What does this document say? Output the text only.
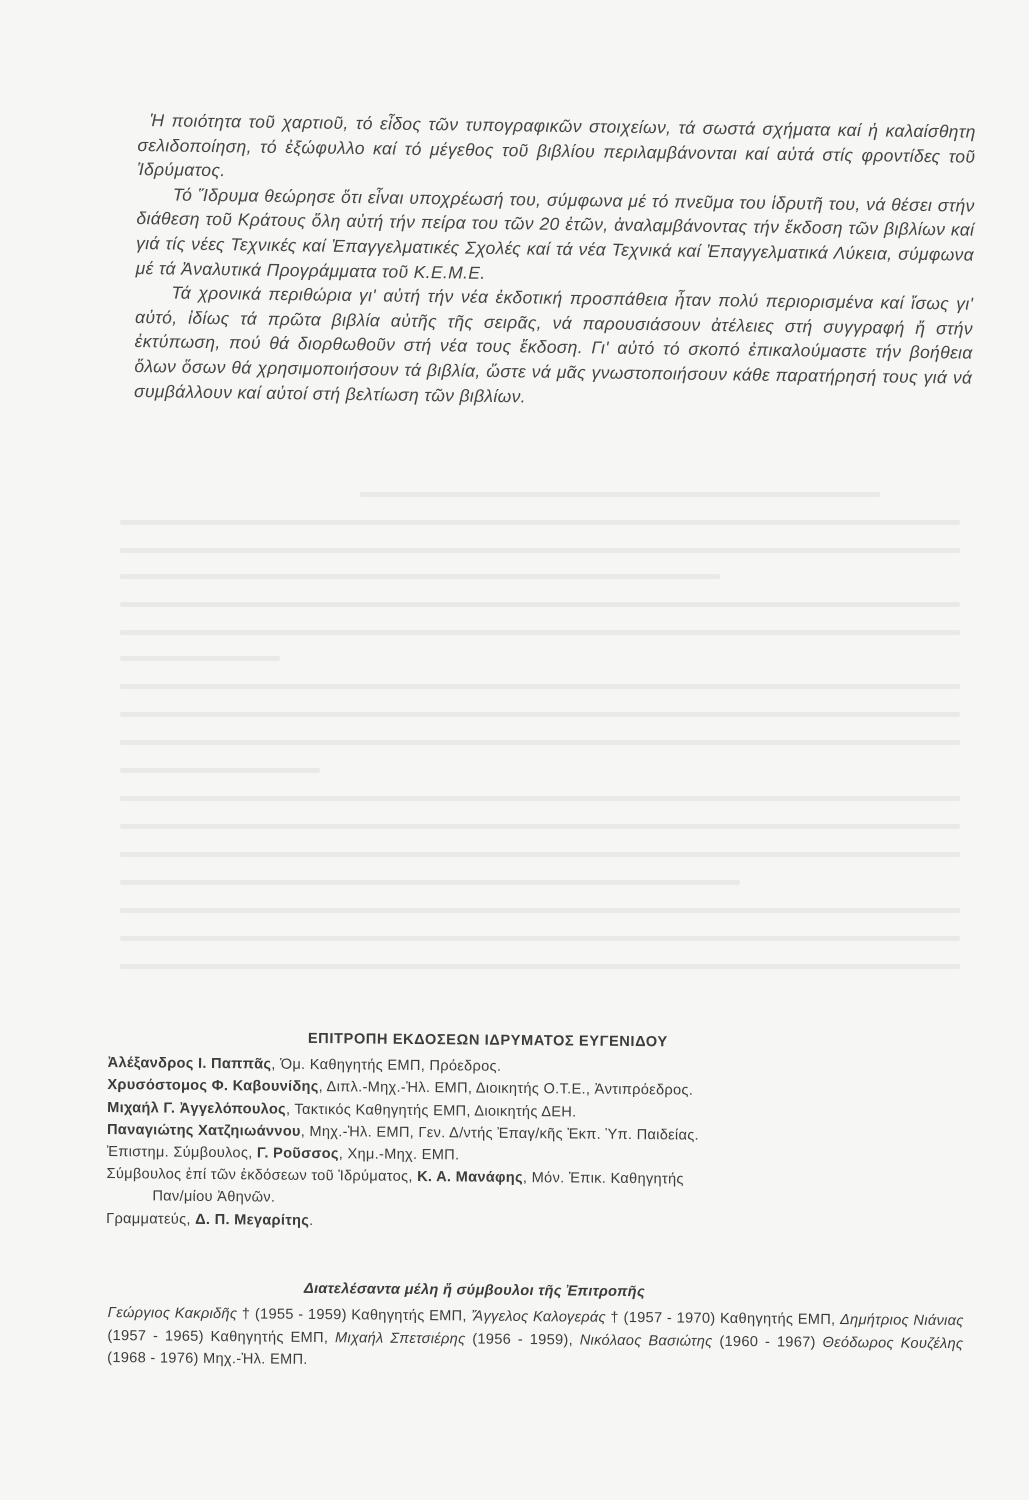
Ἡ ποιότητα τοῦ χαρτιοῦ, τό εἶδος τῶν τυπογραφικῶν στοιχείων, τά σωστά σχήματα καί ἡ καλαίσθητη σελιδοποίηση, τό ἐξώφυλλο καί τό μέγεθος τοῦ βιβλίου περιλαμβάνονται καί αὐτά στίς φροντίδες τοῦ Ἱδρύματος.

Τό Ἵδρυμα θεώρησε ὅτι εἶναι υποχρέωσή του, σύμφωνα μέ τό πνεῦμα του ἱδρυτῆ του, νά θέσει στήν διάθεση τοῦ Κράτους ὅλη αὐτή τήν πείρα του τῶν 20 ἐτῶν, ἀναλαμβάνοντας τήν ἔκδοση τῶν βιβλίων καί γιά τίς νέες Τεχνικές καί Ἐπαγγελματικές Σχολές καί τά νέα Τεχνικά καί Ἐπαγγελματικά Λύκεια, σύμφωνα μέ τά Ἀναλυτικά Προγράμματα τοῦ Κ.Ε.Μ.Ε.

Τά χρονικά περιθώρια γι' αὐτή τήν νέα ἐκδοτική προσπάθεια ἦταν πολύ περιορισμένα καί ἴσως γι' αὐτό, ἰδίως τά πρῶτα βιβλία αὐτῆς τῆς σειρᾶς, νά παρουσιάσουν ἀτέλειες στή συγγραφή ἤ στήν ἐκτύπωση, πού θά διορθωθοῦν στή νέα τους ἔκδοση. Γι' αὐτό τό σκοπό ἐπικαλούμαστε τήν βοήθεια ὅλων ὅσων θά χρησιμοποιήσουν τά βιβλία, ὥστε νά μᾶς γνωστοποιήσουν κάθε παρατήρησή τους γιά νά συμβάλλουν καί αὐτοί στή βελτίωση τῶν βιβλίων.

ΕΠΙΤΡΟΠΗ ΕΚΔΟΣΕΩΝ ΙΔΡΥΜΑΤΟΣ ΕΥΓΕΝΙΔΟΥ

Ἀλέξανδρος Ι. Παππᾶς, Ὁμ. Καθηγητής ΕΜΠ, Πρόεδρος.

Χρυσόστομος Φ. Καβουνίδης, Διπλ.-Μηχ.-Ἠλ. ΕΜΠ, Διοικητής Ο.Τ.Ε., Ἀντιπρόεδρος.

Μιχαήλ Γ. Ἀγγελόπουλος, Τακτικός Καθηγητής ΕΜΠ, Διοικητής ΔΕΗ.

Παναγιώτης Χατζηιωάννου, Μηχ.-Ἠλ. ΕΜΠ, Γεν. Δ/ντής Ἐπαγ/κῆς Ἐκπ. Ὑπ. Παιδείας.

Ἐπιστημ. Σύμβουλος, Γ. Ροῦσσος, Χημ.-Μηχ. ΕΜΠ.

Σύμβουλος ἐπί τῶν ἐκδόσεων τοῦ Ἱδρύματος, Κ. Α. Μανάφης, Μόν. Ἐπικ. Καθηγητής

Παν/μίου Ἀθηνῶν.

Γραμματεύς, Δ. Π. Μεγαρίτης.

Διατελέσαντα μέλη ἤ σύμβουλοι τῆς Ἐπιτροπῆς

Γεώργιος Κακριδῆς † (1955 - 1959) Καθηγητής ΕΜΠ, Ἄγγελος Καλογεράς † (1957 - 1970) Καθηγητής ΕΜΠ, Δημήτριος Νιάνιας (1957 - 1965) Καθηγητής ΕΜΠ, Μιχαήλ Σπετσιέρης (1956 - 1959), Νικόλαος Βασιώτης (1960 - 1967) Θεόδωρος Κουζέλης (1968 - 1976) Μηχ.-Ἠλ. ΕΜΠ.
